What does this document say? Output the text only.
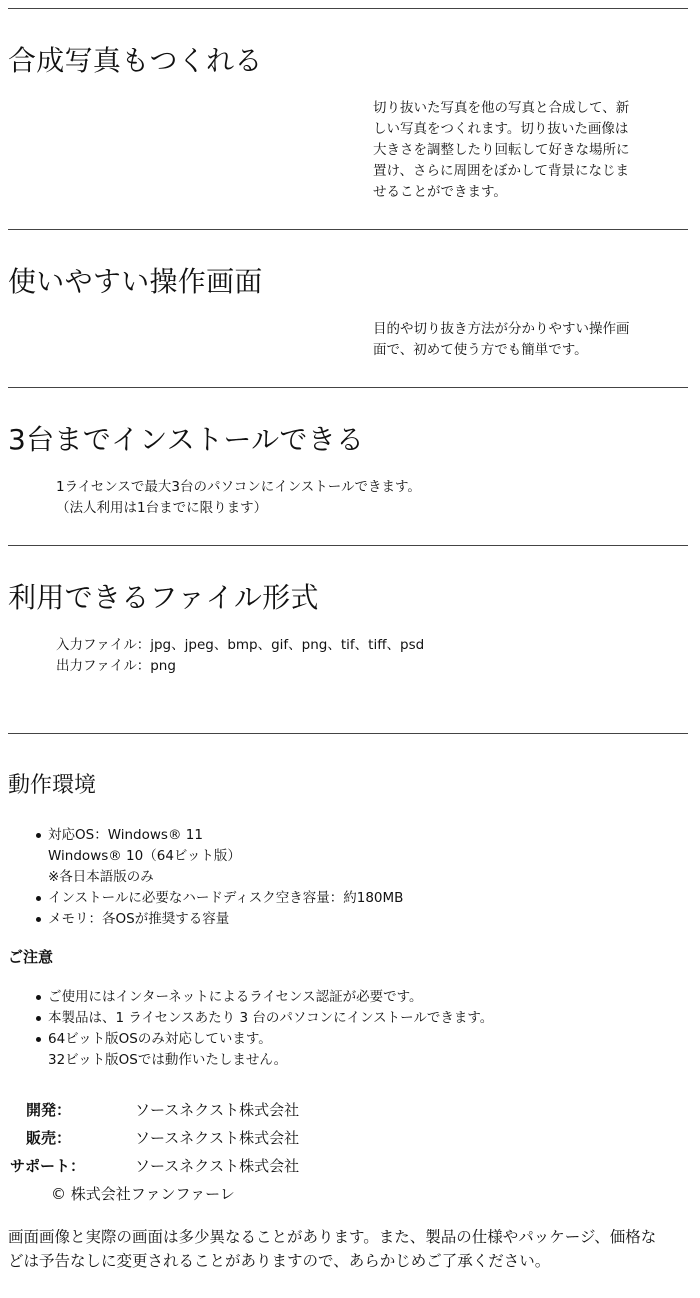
合成写真もつくれる
切り抜いた写真を他の写真と合成して、新
しい写真をつくれます。切り抜いた画像は
大きさを調整したり回転して好きな場所に
置け、さらに周囲をぼかして背景になじま
せることができます。
使いやすい操作画面
目的や切り抜き方法が分かりやすい操作画
面で、初めて使う方でも簡単です。
3台までインストールできる
1ライセンスで最大3台のパソコンにインストールできます。
（法人利用は1台までに限ります）
利用できるファイル形式
入力ファイル：jpg、jpeg、bmp、gif、png、tif、tiff、psd
出力ファイル：png
動作環境
対応OS：Windows® 11
Windows® 10（64ビット版）
※各日本語版のみ
インストールに必要なハードディスク空き容量：約180MB
メモリ：各OSが推奨する容量
ご注意
ご使用にはインターネットによるライセンス認証が必要です。
本製品は、1 ライセンスあたり 3 台のパソコンにインストールできます。
64ビット版OSのみ対応しています。
32ビット版OSでは動作いたしません。
開発：	ソースネクスト株式会社
販売：	ソースネクスト株式会社
サポート：	ソースネクスト株式会社
© 株式会社ファンファーレ
画面画像と実際の画面は多少異なることがあります。また、製品の仕様やパッケージ、価格な
どは予告なしに変更されることがありますので、あらかじめご了承ください。
